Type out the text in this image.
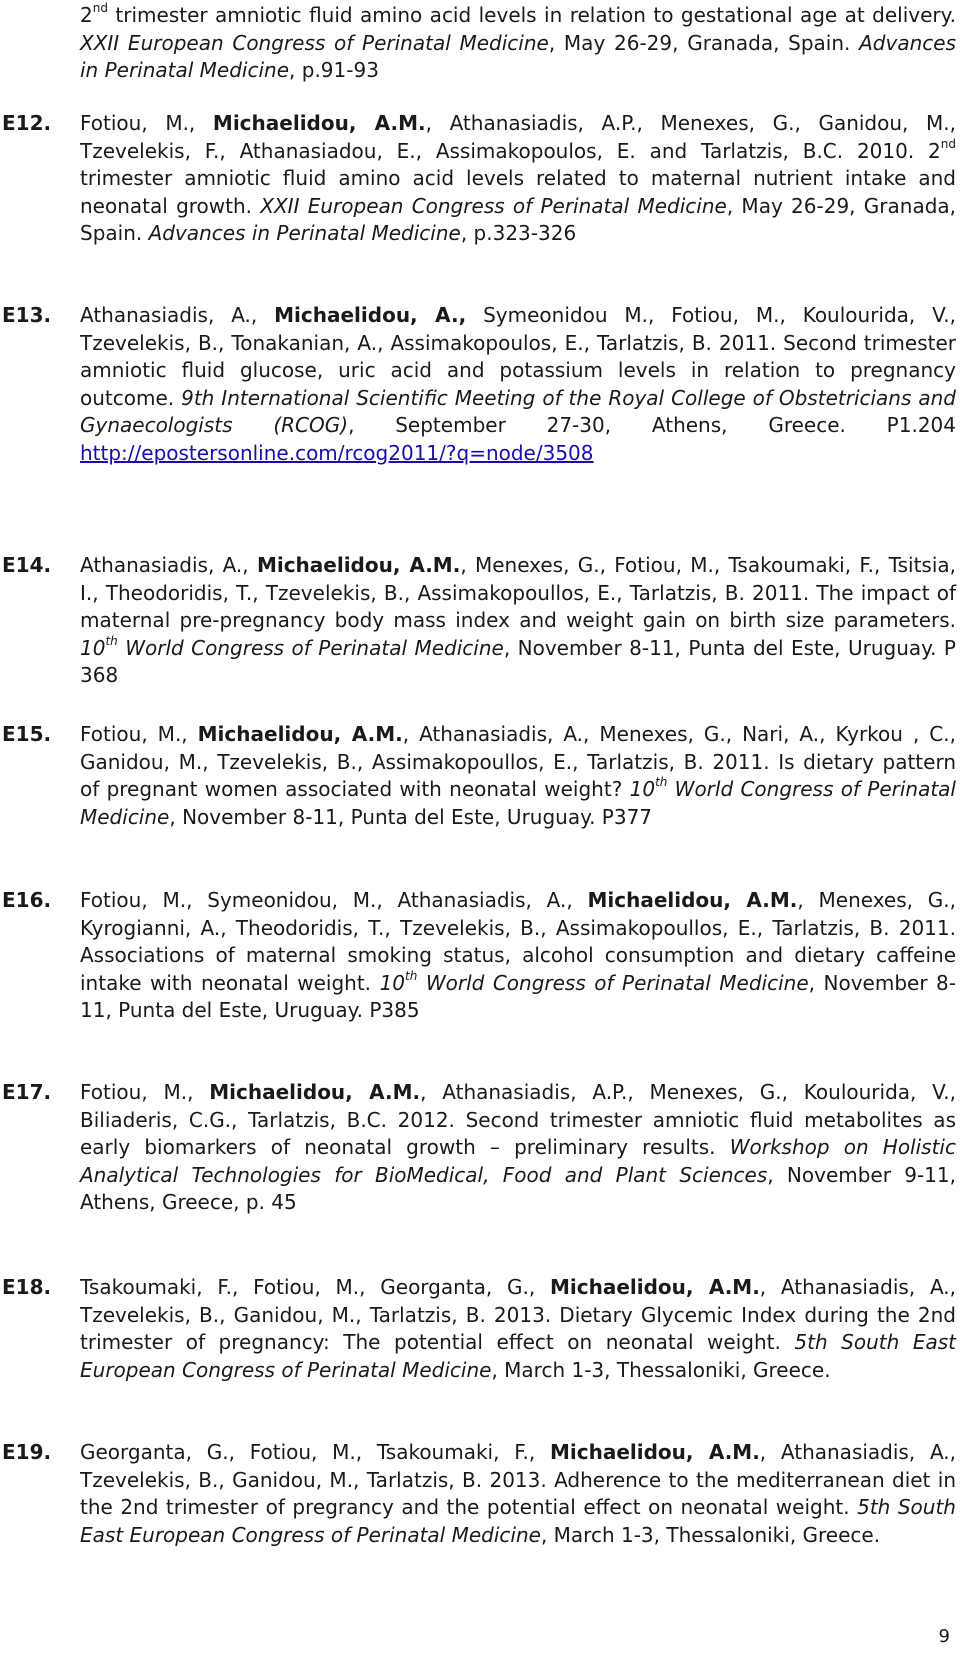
2nd trimester amniotic fluid amino acid levels in relation to gestational age at delivery. XXII European Congress of Perinatal Medicine, May 26-29, Granada, Spain. Advances in Perinatal Medicine, p.91-93
E12.	Fotiou, M., Michaelidou, A.M., Athanasiadis, A.P., Menexes, G., Ganidou, M., Tzevelekis, F., Athanasiadou, E., Assimakopoulos, E. and Tarlatzis, B.C. 2010. 2nd trimester amniotic fluid amino acid levels related to maternal nutrient intake and neonatal growth. XXII European Congress of Perinatal Medicine, May 26-29, Granada, Spain. Advances in Perinatal Medicine, p.323-326
E13.	Athanasiadis, A., Michaelidou, A., Symeonidou M., Fotiou, M., Koulourida, V., Tzevelekis, B., Tonakanian, A., Assimakopoulos, E., Tarlatzis, B. 2011. Second trimester amniotic fluid glucose, uric acid and potassium levels in relation to pregnancy outcome. 9th International Scientific Meeting of the Royal College of Obstetricians and Gynaecologists (RCOG), September 27-30, Athens, Greece. P1.204 http://epostersonline.com/rcog2011/?q=node/3508
E14.	Athanasiadis, A., Michaelidou, A.M., Menexes, G., Fotiou, M., Tsakoumaki, F., Tsitsia, I., Theodoridis, T., Tzevelekis, B., Assimakopoullos, E., Tarlatzis, B. 2011. The impact of maternal pre-pregnancy body mass index and weight gain on birth size parameters. 10th World Congress of Perinatal Medicine, November 8-11, Punta del Este, Uruguay. P 368
E15.	Fotiou, M., Michaelidou, A.M., Athanasiadis, A., Menexes, G., Nari, A., Kyrkou , C., Ganidou, M., Tzevelekis, B., Assimakopoullos, E., Tarlatzis, B. 2011. Is dietary pattern of pregnant women associated with neonatal weight? 10th World Congress of Perinatal Medicine, November 8-11, Punta del Este, Uruguay. P377
E16.	Fotiou, M., Symeonidou, M., Athanasiadis, A., Michaelidou, A.M., Menexes, G., Kyrogianni, A., Theodoridis, T., Tzevelekis, B., Assimakopoullos, E., Tarlatzis, B. 2011. Associations of maternal smoking status, alcohol consumption and dietary caffeine intake with neonatal weight. 10th World Congress of Perinatal Medicine, November 8-11, Punta del Este, Uruguay. P385
E17.	Fotiou, M., Michaelidou, A.M., Athanasiadis, A.P., Menexes, G., Koulourida, V., Biliaderis, C.G., Tarlatzis, B.C. 2012. Second trimester amniotic fluid metabolites as early biomarkers of neonatal growth – preliminary results. Workshop on Holistic Analytical Technologies for BioMedical, Food and Plant Sciences, November 9-11, Athens, Greece, p. 45
E18.	Tsakoumaki, F., Fotiou, M., Georganta, G., Michaelidou, A.M., Athanasiadis, A., Tzevelekis, B., Ganidou, M., Tarlatzis, B. 2013. Dietary Glycemic Index during the 2nd trimester of pregnancy: The potential effect on neonatal weight. 5th South East European Congress of Perinatal Medicine, March 1-3, Thessaloniki, Greece.
E19.	Georganta, G., Fotiou, M., Tsakoumaki, F., Michaelidou, A.M., Athanasiadis, A., Tzevelekis, B., Ganidou, M., Tarlatzis, B. 2013. Adherence to the mediterranean diet in the 2nd trimester of pregrancy and the potential effect on neonatal weight. 5th South East European Congress of Perinatal Medicine, March 1-3, Thessaloniki, Greece.
9
